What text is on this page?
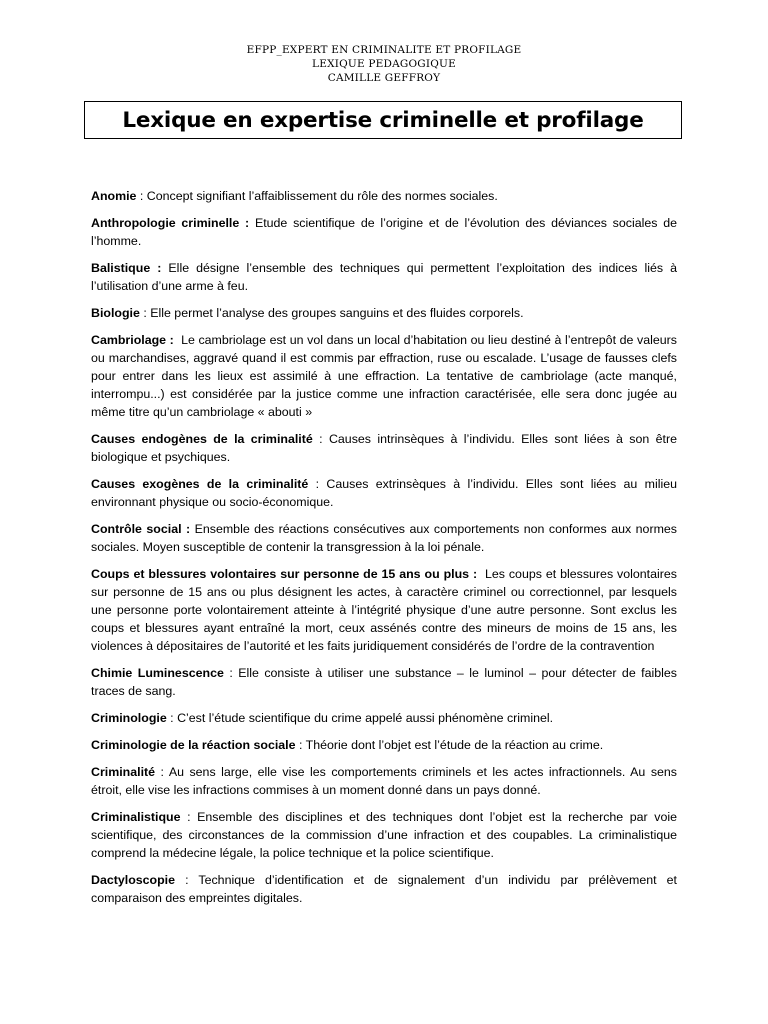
EFPP_EXPERT EN CRIMINALITE ET PROFILAGE
LEXIQUE PEDAGOGIQUE
CAMILLE GEFFROY
Lexique en expertise criminelle et profilage

Anomie : Concept signifiant l’affaiblissement du rôle des normes sociales.

Anthropologie criminelle : Etude scientifique de l’origine et de l’évolution des déviances sociales de l’homme.

Balistique : Elle désigne l’ensemble des techniques qui permettent l’exploitation des indices liés à l’utilisation d’une arme à feu.

Biologie : Elle permet l’analyse des groupes sanguins et des fluides corporels.

Cambriolage : Le cambriolage est un vol dans un local d’habitation ou lieu destiné à l’entrepôt de valeurs ou marchandises, aggravé quand il est commis par effraction, ruse ou escalade. L’usage de fausses clefs pour entrer dans les lieux est assimilé à une effraction. La tentative de cambriolage (acte manqué, interrompu...) est considérée par la justice comme une infraction caractérisée, elle sera donc jugée au même titre qu’un cambriolage « abouti »

Causes endogènes de la criminalité : Causes intrinsèques à l’individu. Elles sont liées à son être biologique et psychiques.

Causes exogènes de la criminalité : Causes extrinsèques à l’individu. Elles sont liées au milieu environnant physique ou socio-économique.

Contrôle social : Ensemble des réactions consécutives aux comportements non conformes aux normes sociales. Moyen susceptible de contenir la transgression à la loi pénale.

Coups et blessures volontaires sur personne de 15 ans ou plus : Les coups et blessures volontaires sur personne de 15 ans ou plus désignent les actes, à caractère criminel ou correctionnel, par lesquels une personne porte volontairement atteinte à l’intégrité physique d’une autre personne. Sont exclus les coups et blessures ayant entraîné la mort, ceux assénés contre des mineurs de moins de 15 ans, les violences à dépositaires de l’autorité et les faits juridiquement considérés de l’ordre de la contravention

Chimie Luminescence : Elle consiste à utiliser une substance – le luminol – pour détecter de faibles traces de sang.

Criminologie : C’est l’étude scientifique du crime appelé aussi phénomène criminel.

Criminologie de la réaction sociale : Théorie dont l’objet est l’étude de la réaction au crime.

Criminalité : Au sens large, elle vise les comportements criminels et les actes infractionnels. Au sens étroit, elle vise les infractions commises à un moment donné dans un pays donné.

Criminalistique : Ensemble des disciplines et des techniques dont l’objet est la recherche par voie scientifique, des circonstances de la commission d’une infraction et des coupables. La criminalistique comprend la médecine légale, la police technique et la police scientifique.

Dactyloscopie : Technique d’identification et de signalement d’un individu par prélèvement et comparaison des empreintes digitales.
